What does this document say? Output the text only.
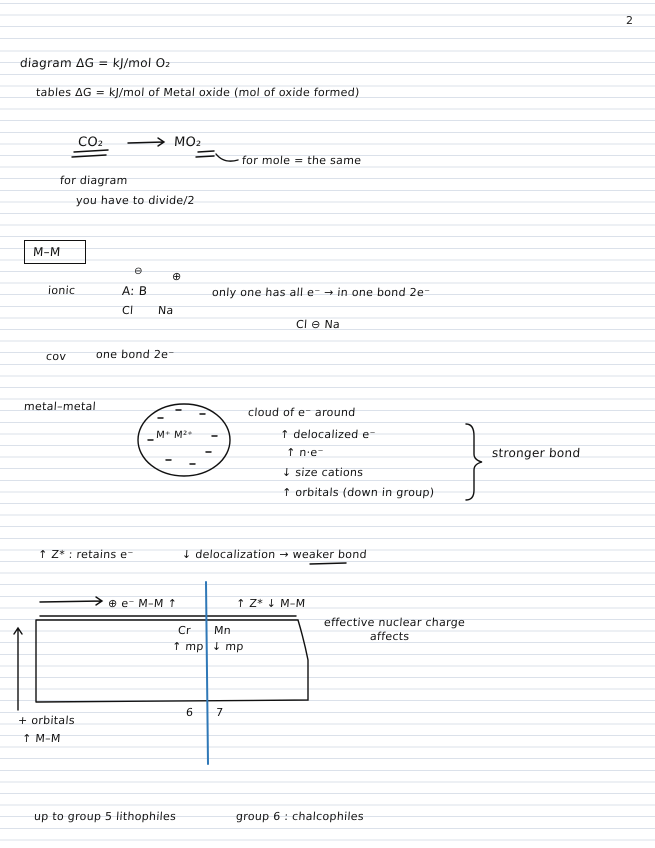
2
diagram ΔG = kJ/mol O₂
tables ΔG = kJ/mol of Metal oxide (mol of oxide formed)
CO₂	MO₂
for mole = the same
for diagram
you have to divide/2
M–M
ionic
⊖	⊕
A: B	only one has all e⁻ → in one bond 2e⁻
Cl Na
Cl ⊖ Na
cov	one bond 2e⁻
metal–metal
M⁺ M²⁺
cloud of e⁻ around
↑ delocalized e⁻
↑ n·e⁻
↓ size cations
↑ orbitals (down in group)
stronger bond
↑ Z* : retains e⁻	↓ delocalization → weaker bond
⊕ e⁻ M–M ↑	↑ Z* ↓ M–M
effective nuclear charge
affects
Cr Mn
↑ mp ↓ mp
6 7
+ orbitals
↑ M–M
up to group 5 lithophiles	group 6 : chalcophiles
